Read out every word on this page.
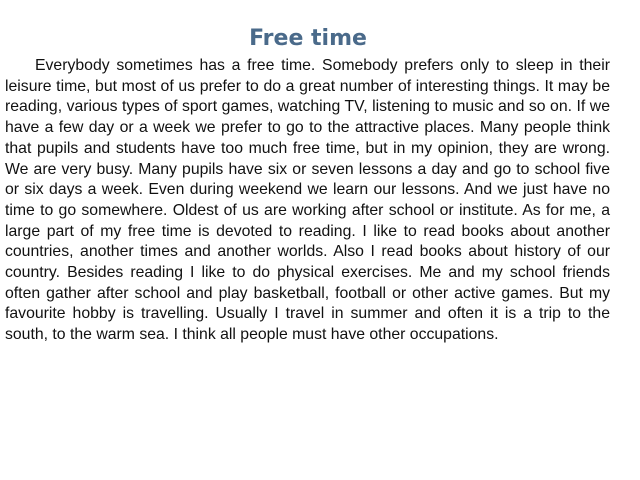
Free time

Everybody sometimes has a free time. Somebody prefers only to sleep in their leisure time, but most of us prefer to do a great number of interesting things. It may be reading, various types of sport games, watching TV, listening to music and so on. If we have a few day or a week we prefer to go to the attractive places. Many people think that pupils and students have too much free time, but in my opinion, they are wrong. We are very busy. Many pupils have six or seven lessons a day and go to school five or six days a week. Even during weekend we learn our lessons. And we just have no time to go somewhere. Oldest of us are working after school or institute. As for me, a large part of my free time is devoted to reading. I like to read books about another countries, another times and another worlds. Also I read books about history of our country. Besides reading I like to do physical exercises. Me and my school friends often gather after school and play basketball, football or other active games. But my favourite hobby is travelling. Usually I travel in summer and often it is a trip to the south, to the warm sea. I think all people must have other occupations.
